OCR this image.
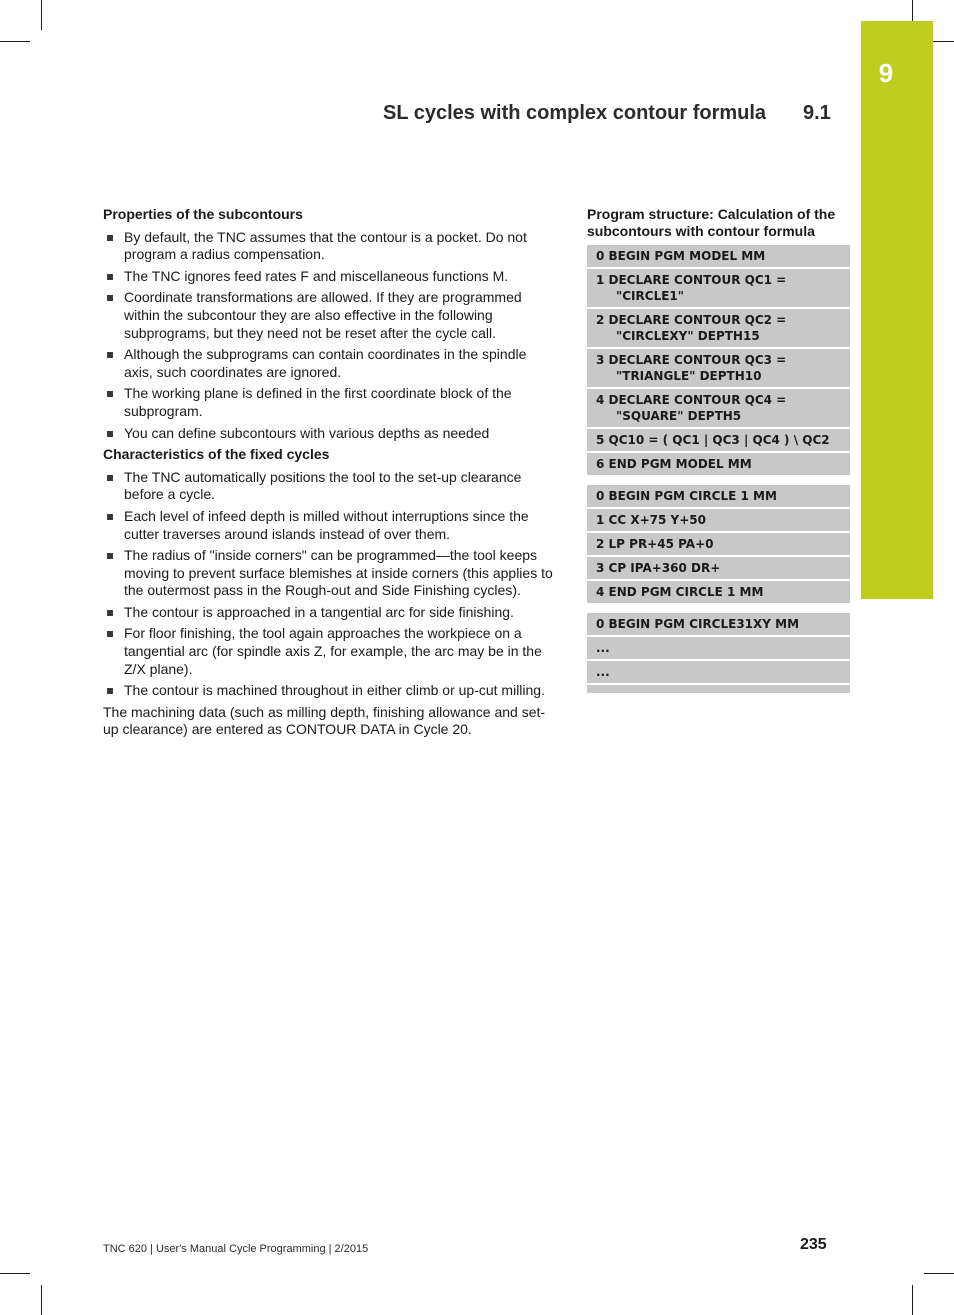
9
SL cycles with complex contour formula 9.1
Properties of the subcontours
By default, the TNC assumes that the contour is a pocket. Do not program a radius compensation.
The TNC ignores feed rates F and miscellaneous functions M.
Coordinate transformations are allowed. If they are programmed within the subcontour they are also effective in the following subprograms, but they need not be reset after the cycle call.
Although the subprograms can contain coordinates in the spindle axis, such coordinates are ignored.
The working plane is defined in the first coordinate block of the subprogram.
You can define subcontours with various depths as needed
Characteristics of the fixed cycles
The TNC automatically positions the tool to the set-up clearance before a cycle.
Each level of infeed depth is milled without interruptions since the cutter traverses around islands instead of over them.
The radius of "inside corners" can be programmed—the tool keeps moving to prevent surface blemishes at inside corners (this applies to the outermost pass in the Rough-out and Side Finishing cycles).
The contour is approached in a tangential arc for side finishing.
For floor finishing, the tool again approaches the workpiece on a tangential arc (for spindle axis Z, for example, the arc may be in the Z/X plane).
The contour is machined throughout in either climb or up-cut milling.

The machining data (such as milling depth, finishing allowance and set-up clearance) are entered as CONTOUR DATA in Cycle 20.

Program structure: Calculation of the subcontours with contour formula
0 BEGIN PGM MODEL MM
1 DECLARE CONTOUR QC1 = "CIRCLE1"
2 DECLARE CONTOUR QC2 = "CIRCLEXY" DEPTH15
3 DECLARE CONTOUR QC3 = "TRIANGLE" DEPTH10
4 DECLARE CONTOUR QC4 = "SQUARE" DEPTH5
5 QC10 = ( QC1 | QC3 | QC4 ) \ QC2
6 END PGM MODEL MM
0 BEGIN PGM CIRCLE 1 MM
1 CC X+75 Y+50
2 LP PR+45 PA+0
3 CP IPA+360 DR+
4 END PGM CIRCLE 1 MM
0 BEGIN PGM CIRCLE31XY MM
...
...
TNC 620 | User's Manual Cycle Programming | 2/2015	235
